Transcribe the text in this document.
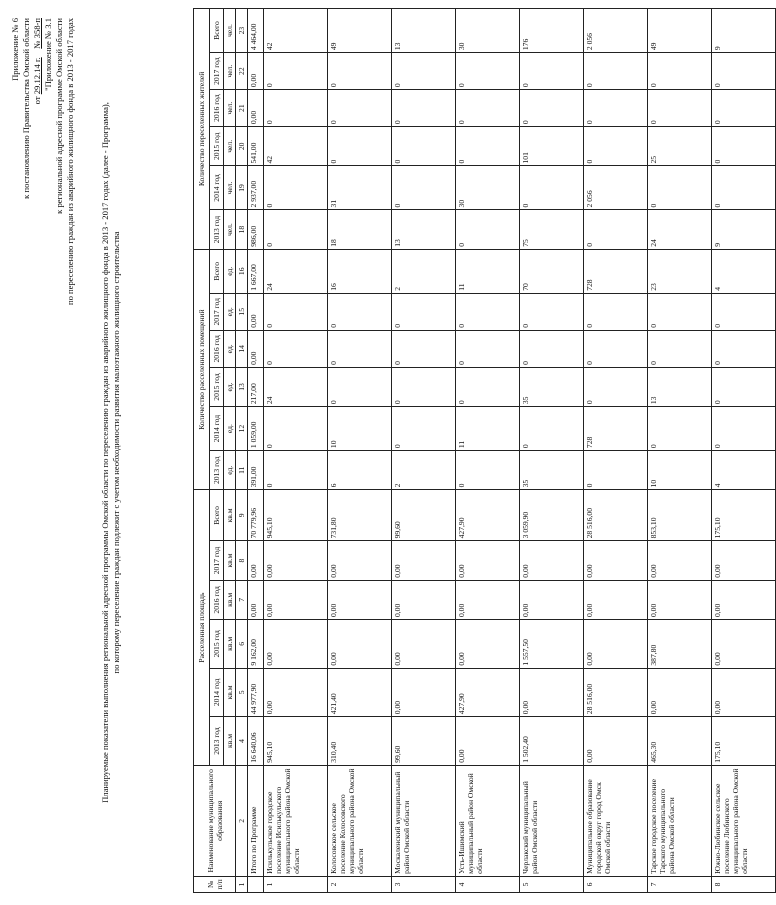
Приложение № 6 к постановлению Правительства Омской области от 29.12.14 г.    № 358-п "Приложение № 3.1 к региональной адресной программе Омской области по переселению граждан из аварийного жилищного фонда в 2013 - 2017 годах	Планируемые показатели выполнения региональной адресной программы Омской области по переселению граждан из аварийного жилищного фонда в 2013 - 2017 годах (далее - Программа), по которому переселение граждан подлежит с учетом необходимости развития малоэтажного жилищного строительства
№ п/п	Наименование муниципального образования	Расселенная площадь						Количество расселенных помещений						Количество переселенных жителей					
		2013 год	2014 год	2015 год	2016 год	2017 год	Всего	2013 год	2014 год	2015 год	2016 год	2017 год	Всего	2013 год	2014 год	2015 год	2016 год	2017 год	Всего
		кв.м	кв.м	кв.м	кв.м	кв.м	кв.м	ед.	ед.	ед.	ед.	ед.	ед.	чел.	чел.	чел.	чел.	чел.	чел.
1	2	4	5	6	7	8	9	11	12	13	14	15	16	18	19	20	21	22	23
	Итого по Программе	16 640,06	44 977,90	9 162,00	0,00	0,00	70 779,96	391,00	1 059,00	217,00	0,00	0,00	1 667,00	986,00	2 937,00	541,00	0,00	0,00	4 464,00
1	Исилькульское городское поселение Исилькульского муниципального района Омской области	945,10	0,00	0,00	0,00	0,00	945,10	0	0	24	0	0	24	0	0	42	0	0	42
2	Колосовское сельское поселение Колосовского муниципального района Омской области	310,40	421,40	0,00	0,00	0,00	731,80	6	10	0	0	0	16	18	31	0	0	0	49
3	Москаленский муниципальный район Омской области	99,60	0,00	0,00	0,00	0,00	99,60	2	0	0	0	0	2	13	0	0	0	0	13
4	Усть-Ишимский муниципальный район Омской области	0,00	427,90	0,00	0,00	0,00	427,90	0	11	0	0	0	11	0	30	0	0	0	30
5	Черлакский муниципальный район Омской области	1 502,40	0,00	1 557,50	0,00	0,00	3 059,90	35	0	35	0	0	70	75	0	101	0	0	176
6	Муниципальное образование городской округ город Омск Омской области	0,00	28 516,00	0,00	0,00	0,00	28 516,00	0	728	0	0	0	728	0	2 056	0	0	0	2 056
7	Тарское городское поселение Тарского муниципального района Омской области	465,30	0,00	387,80	0,00	0,00	853,10	10	0	13	0	0	23	24	0	25	0	0	49
8	Южно-Любинское сельское поселение Любинского муниципального района Омской области	175,10	0,00	0,00	0,00	0,00	175,10	4	0	0	0	0	4	9	0	0	0	0	9
